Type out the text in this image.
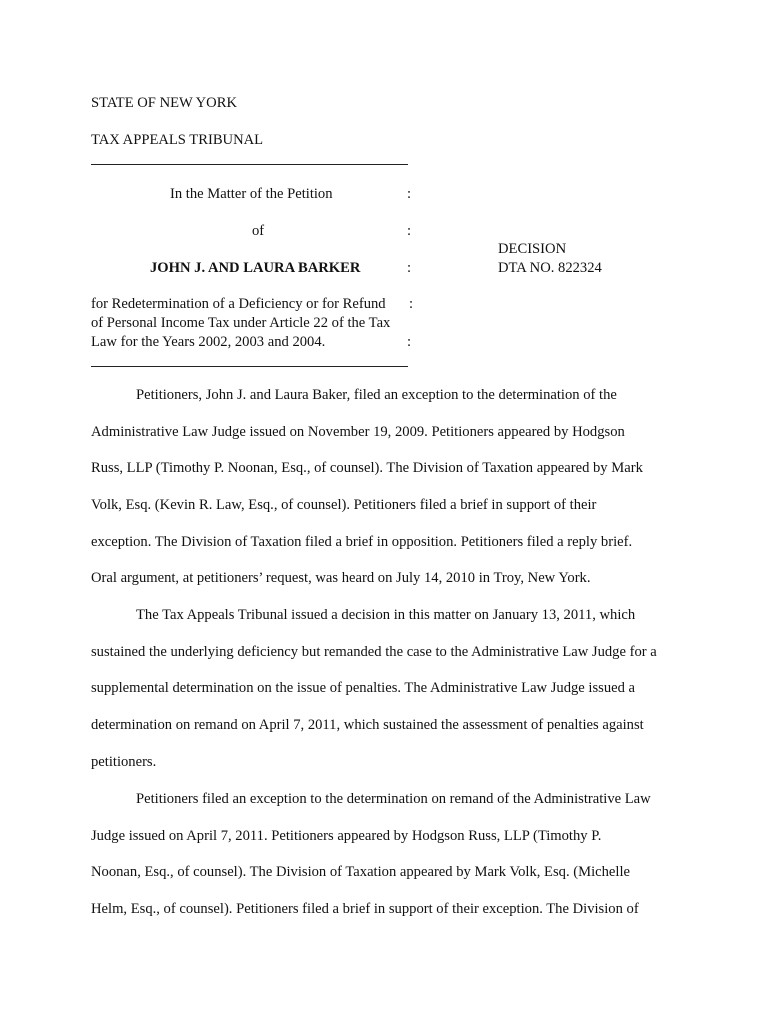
STATE OF NEW YORK
TAX APPEALS TRIBUNAL
In the Matter of the Petition	:
of	:
JOHN J. AND LAURA BARKER	:
for Redetermination of a Deficiency or for Refund :
of Personal Income Tax under Article 22 of the Tax
Law for the Years 2002, 2003 and 2004.	:
DECISION
DTA NO. 822324
Petitioners, John J. and Laura Baker, filed an exception to the determination of the
Administrative Law Judge issued on November 19, 2009. Petitioners appeared by Hodgson
Russ, LLP (Timothy P. Noonan, Esq., of counsel). The Division of Taxation appeared by Mark
Volk, Esq. (Kevin R. Law, Esq., of counsel). Petitioners filed a brief in support of their
exception. The Division of Taxation filed a brief in opposition. Petitioners filed a reply brief.
Oral argument, at petitioners’ request, was heard on July 14, 2010 in Troy, New York.
The Tax Appeals Tribunal issued a decision in this matter on January 13, 2011, which
sustained the underlying deficiency but remanded the case to the Administrative Law Judge for a
supplemental determination on the issue of penalties. The Administrative Law Judge issued a
determination on remand on April 7, 2011, which sustained the assessment of penalties against
petitioners.
Petitioners filed an exception to the determination on remand of the Administrative Law
Judge issued on April 7, 2011. Petitioners appeared by Hodgson Russ, LLP (Timothy P.
Noonan, Esq., of counsel). The Division of Taxation appeared by Mark Volk, Esq. (Michelle
Helm, Esq., of counsel). Petitioners filed a brief in support of their exception. The Division of
